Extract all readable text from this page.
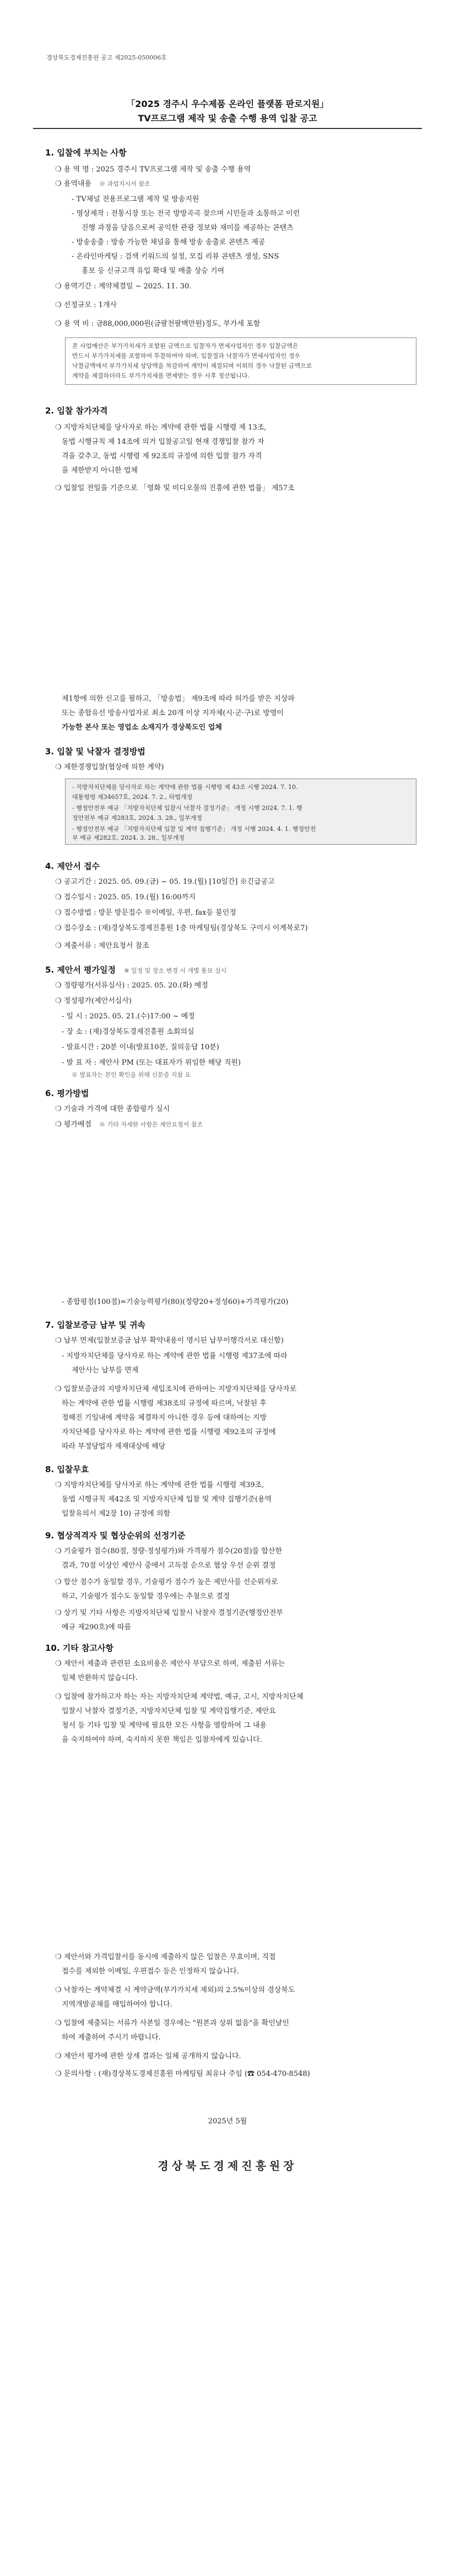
경상북도경제진흥원 공고 제2025-050006호
「2025 경주시 우수제품 온라인 플랫폼 판로지원」
TV프로그램 제작 및 송출 수행 용역 입찰 공고
1. 입찰에 부치는 사항
❍ 용 역 명 : 2025 경주시 TV프로그램 제작 및 송출 수행 용역
❍ 용역내용 ※ 과업지시서 참조
- TV채널 전용프로그램 제작 및 방송지원
- 영상제작 : 전통시장 또는 전국 방방곡곡 찾으며 시민들과 소통하고 이런
진행 과정을 담음으로써 공익한 관광 정보와 재미를 제공하는 콘텐츠
- 방송송출 : 방송 가능한 채널을 통해 방송 송출로 콘텐츠 제공
- 온라인마케팅 : 검색 키워드의 설정, 모집 리뷰 콘텐츠 생성, SNS
홍보 등 신규고객 유입 확대 및 매출 상승 기여
❍ 용역기간 : 계약체결일 ~ 2025. 11. 30.
❍ 선정규모 : 1개사
❍ 용 역 비 : 금88,000,000원(금팔천팔백만원)정도, 부가세 포함
본 사업예산은 부가가치세가 포함된 금액으로 입찰자가 면세사업자인 경우 입찰금액은
반드시 부가가치세를 포함하여 투찰하여야 하며, 입찰결과 낙찰자가 면세사업자인 경우
낙찰금액에서 부가가치세 상당액을 차감하여 계약이 체결되며 이외의 경우 낙찰된 금액으로
계약을 체결하더라도 부가가치세를 면제받는 경우 사후 정산됩니다.
2. 입찰 참가자격
❍ 지방자치단체를 당사자로 하는 계약에 관한 법률 시행령 제 13조,
동법 시행규칙 제 14조에 의거 입찰공고일 현재 경쟁입찰 참가 자
격을 갖추고, 동법 시행령 제 92조의 규정에 의한 입찰 참가 자격
을 제한받지 아니한 업체
❍ 입찰일 전일을 기준으로 「영화 및 비디오물의 진흥에 관한 법률」 제57조
제1항에 의한 신고를 필하고, 「방송법」 제9조에 따라 허가를 받은 지상파
또는 종합유선 방송사업자로 최소 20개 이상 지자체(시·군·구)로 방영이
가능한 본사 또는 영업소 소재지가 경상북도인 업체
3. 입찰 및 낙찰자 결정방법
❍ 제한경쟁입찰(협상에 의한 계약)
- 지방자치단체를 당사자로 하는 계약에 관한 법률 시행령 제 43조 시행 2024. 7. 10.
대통령령 제34657호, 2024. 7. 2., 타법개정
- 행정안전부 예규 「지방자치단체 입찰시 낙찰자 결정기준」 개정 시행 2024. 7. 1. 행
정안전부 예규 제283호, 2024. 3. 28., 일부개정
- 행정안전부 예규 「지방자치단체 입찰 및 계약 집행기준」 개정 시행 2024. 4. 1. 행정안전
부 예규 제282호, 2024. 3. 28., 일부개정
4. 제안서 접수
❍ 공고기간 : 2025. 05. 09.(금) ~ 05. 19.(월) [10일간] ※긴급공고
❍ 접수일시 : 2025. 05. 19.(월) 16:00까지
❍ 접수방법 : 방문 방문접수 ※이메일, 우편, fax등 불인정
❍ 접수장소 : (재)경상북도경제진흥원 1층 마케팅팀(경상북도 구미시 이계북로7)
❍ 제출서류 : 제안요청서 참조
5. 제안서 평가일정 ※ 일정 및 장소 변경 시 개별 통보 실시
❍ 정량평가(서류심사) : 2025. 05. 20.(화) 예정
❍ 정성평가(제안서심사)
- 일 시 : 2025. 05. 21.(수)17:00 ~ 예정
- 장 소 : (재)경상북도경제진흥원 소회의실
- 발표시간 : 20분 이내(발표10분, 질의응답 10분)
- 발 표 자 : 제안사 PM (또는 대표자가 위임한 해당 직원)
※ 발표자는 본인 확인을 위해 신분증 지참 요
6. 평가방법
❍ 기술과 가격에 대한 종합평가 실시
❍ 평가배점 ※ 기타 자세한 사항은 제안요청서 참조
- 종합평점(100점)=기술능력평가(80)(정량20+정성60)+가격평가(20)
7. 입찰보증금 납부 및 귀속
❍ 납부 면제(입찰보증금 납부 확약내용이 명시된 납부이행각서로 대신함)
- 지방자치단체를 당사자로 하는 계약에 관한 법률 시행령 제37조에 따라
제안사는 납부를 면제
❍ 입찰보증금의 지방자치단체 세입조치에 관하여는 지방자치단체를 당사자로
하는 계약에 관한 법률 시행령 제38조의 규정에 따르며, 낙찰된 후
정해진 기일내에 계약을 체결하지 아니한 경우 등에 대하여는 지방
자치단체를 당사자로 하는 계약에 관한 법률 시행령 제92조의 규정에
따라 부정당업자 제재대상에 해당
8. 입찰무효
❍ 지방자치단체를 당사자로 하는 계약에 관한 법률 시행령 제39조,
동법 시행규칙 제42조 및 지방자치단체 입찰 및 계약 집행기준(용역
입찰유의서 제2장 10) 규정에 의함
9. 협상적격자 및 협상순위의 선정기준
❍ 기술평가 점수(80점, 정량·정성평가)와 가격평가 점수(20점)를 합산한
결과, 70점 이상인 제안사 중에서 고득점 순으로 협상 우선 순위 결정
❍ 합산 점수가 동일할 경우, 기술평가 점수가 높은 제안사를 선순위자로
하고, 기술평가 점수도 동일할 경우에는 추첨으로 결정
❍ 상기 및 기타 사항은 지방자치단체 입찰시 낙찰자 결정기준(행정안전부
예규 제290호)에 따름
10. 기타 참고사항
❍ 제안서 제출과 관련된 소요비용은 제안사 부담으로 하며, 제출된 서류는
일체 반환하지 않습니다.
❍ 입찰에 참가하고자 하는 자는 지방자치단체 계약법, 예규, 고시, 지방자치단체
입찰시 낙찰자 결정기준, 지방자치단체 입찰 및 계약집행기준, 제안요
청서 등 기타 입찰 및 계약에 필요한 모든 사항을 열람하여 그 내용
을 숙지하여야 하며, 숙지하지 못한 책임은 입찰자에게 있습니다.
❍ 제안서와 가격입찰서를 동시에 제출하지 않은 입찰은 무효이며, 직접
접수를 제외한 이메일, 우편접수 등은 인정하지 않습니다.
❍ 낙찰자는 계약체결 시 계약금액(부가가치세 제외)의 2.5%이상의 경상북도
지역개발공채를 매입하여야 합니다.
❍ 입찰에 제출되는 서류가 사본일 경우에는 "원본과 상위 없음"을 확인날인
하여 제출하여 주시기 바랍니다.
❍ 제안서 평가에 관한 상세 결과는 일체 공개하지 않습니다.
❍ 문의사항 : (재)경상북도경제진흥원 마케팅팀 최유나 주임 (☎ 054-470-8548)
2025년 5월
경상북도경제진흥원장
